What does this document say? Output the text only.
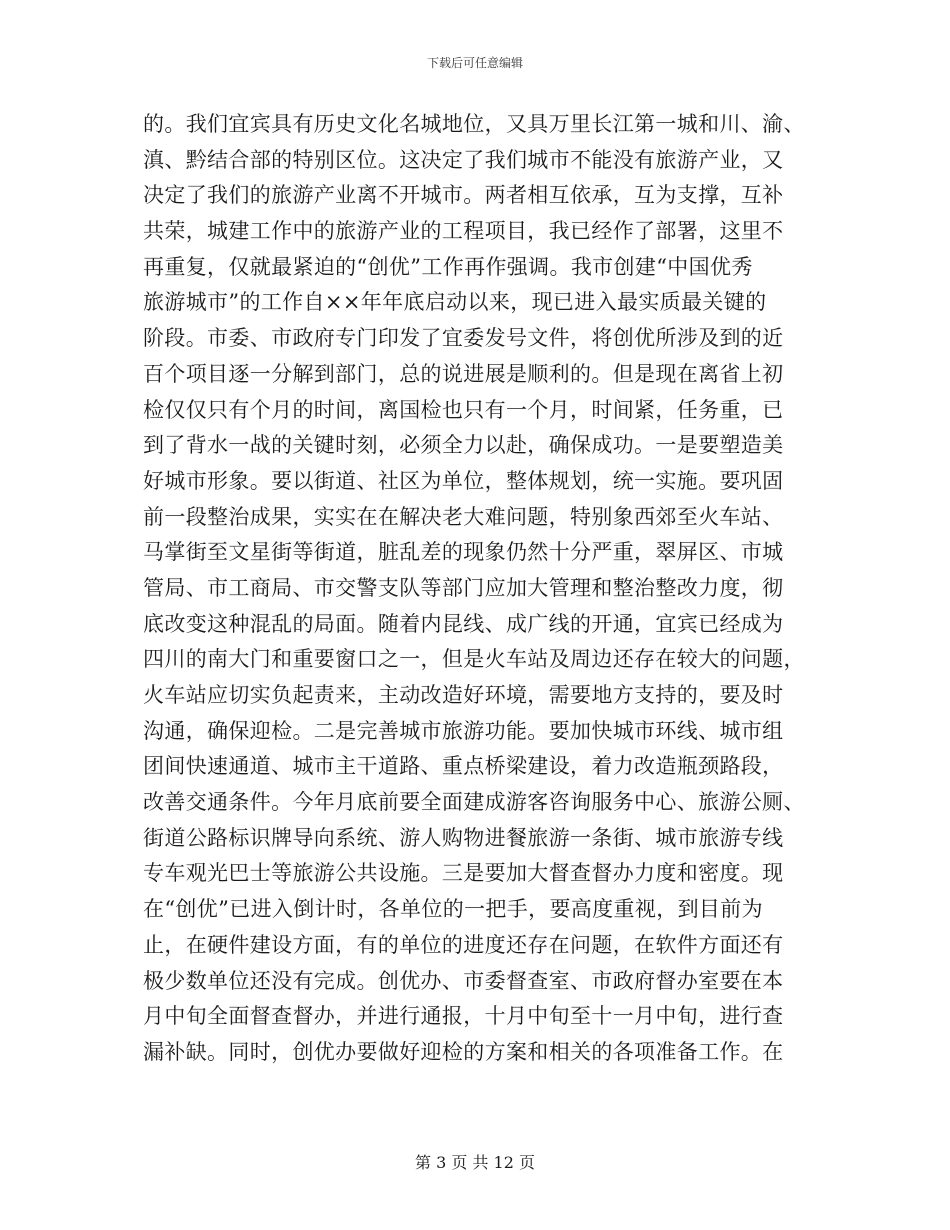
下载后可任意编辑
的。我们宜宾具有历史文化名城地位，又具万里长江第一城和川、渝、
滇、黔结合部的特别区位。这决定了我们城市不能没有旅游产业，又
决定了我们的旅游产业离不开城市。两者相互依承，互为支撑，互补
共荣，城建工作中的旅游产业的工程项目，我已经作了部署，这里不
再重复，仅就最紧迫的“创优”工作再作强调。我市创建“中国优秀
旅游城市”的工作自××年年底启动以来，现已进入最实质最关键的
阶段。市委、市政府专门印发了宜委发号文件，将创优所涉及到的近
百个项目逐一分解到部门，总的说进展是顺利的。但是现在离省上初
检仅仅只有个月的时间，离国检也只有一个月，时间紧，任务重，已
到了背水一战的关键时刻，必须全力以赴，确保成功。一是要塑造美
好城市形象。要以街道、社区为单位，整体规划，统一实施。要巩固
前一段整治成果，实实在在解决老大难问题，特别象西郊至火车站、
马掌街至文星街等街道，脏乱差的现象仍然十分严重，翠屏区、市城
管局、市工商局、市交警支队等部门应加大管理和整治整改力度，彻
底改变这种混乱的局面。随着内昆线、成广线的开通，宜宾已经成为
四川的南大门和重要窗口之一，但是火车站及周边还存在较大的问题，
火车站应切实负起责来，主动改造好环境，需要地方支持的，要及时
沟通，确保迎检。二是完善城市旅游功能。要加快城市环线、城市组
团间快速通道、城市主干道路、重点桥梁建设，着力改造瓶颈路段，
改善交通条件。今年月底前要全面建成游客咨询服务中心、旅游公厕、
街道公路标识牌导向系统、游人购物进餐旅游一条街、城市旅游专线
专车观光巴士等旅游公共设施。三是要加大督查督办力度和密度。现
在“创优”已进入倒计时，各单位的一把手，要高度重视，到目前为
止，在硬件建设方面，有的单位的进度还存在问题，在软件方面还有
极少数单位还没有完成。创优办、市委督查室、市政府督办室要在本
月中旬全面督查督办，并进行通报，十月中旬至十一月中旬，进行查
漏补缺。同时，创优办要做好迎检的方案和相关的各项准备工作。在
第 3 页 共 12 页
